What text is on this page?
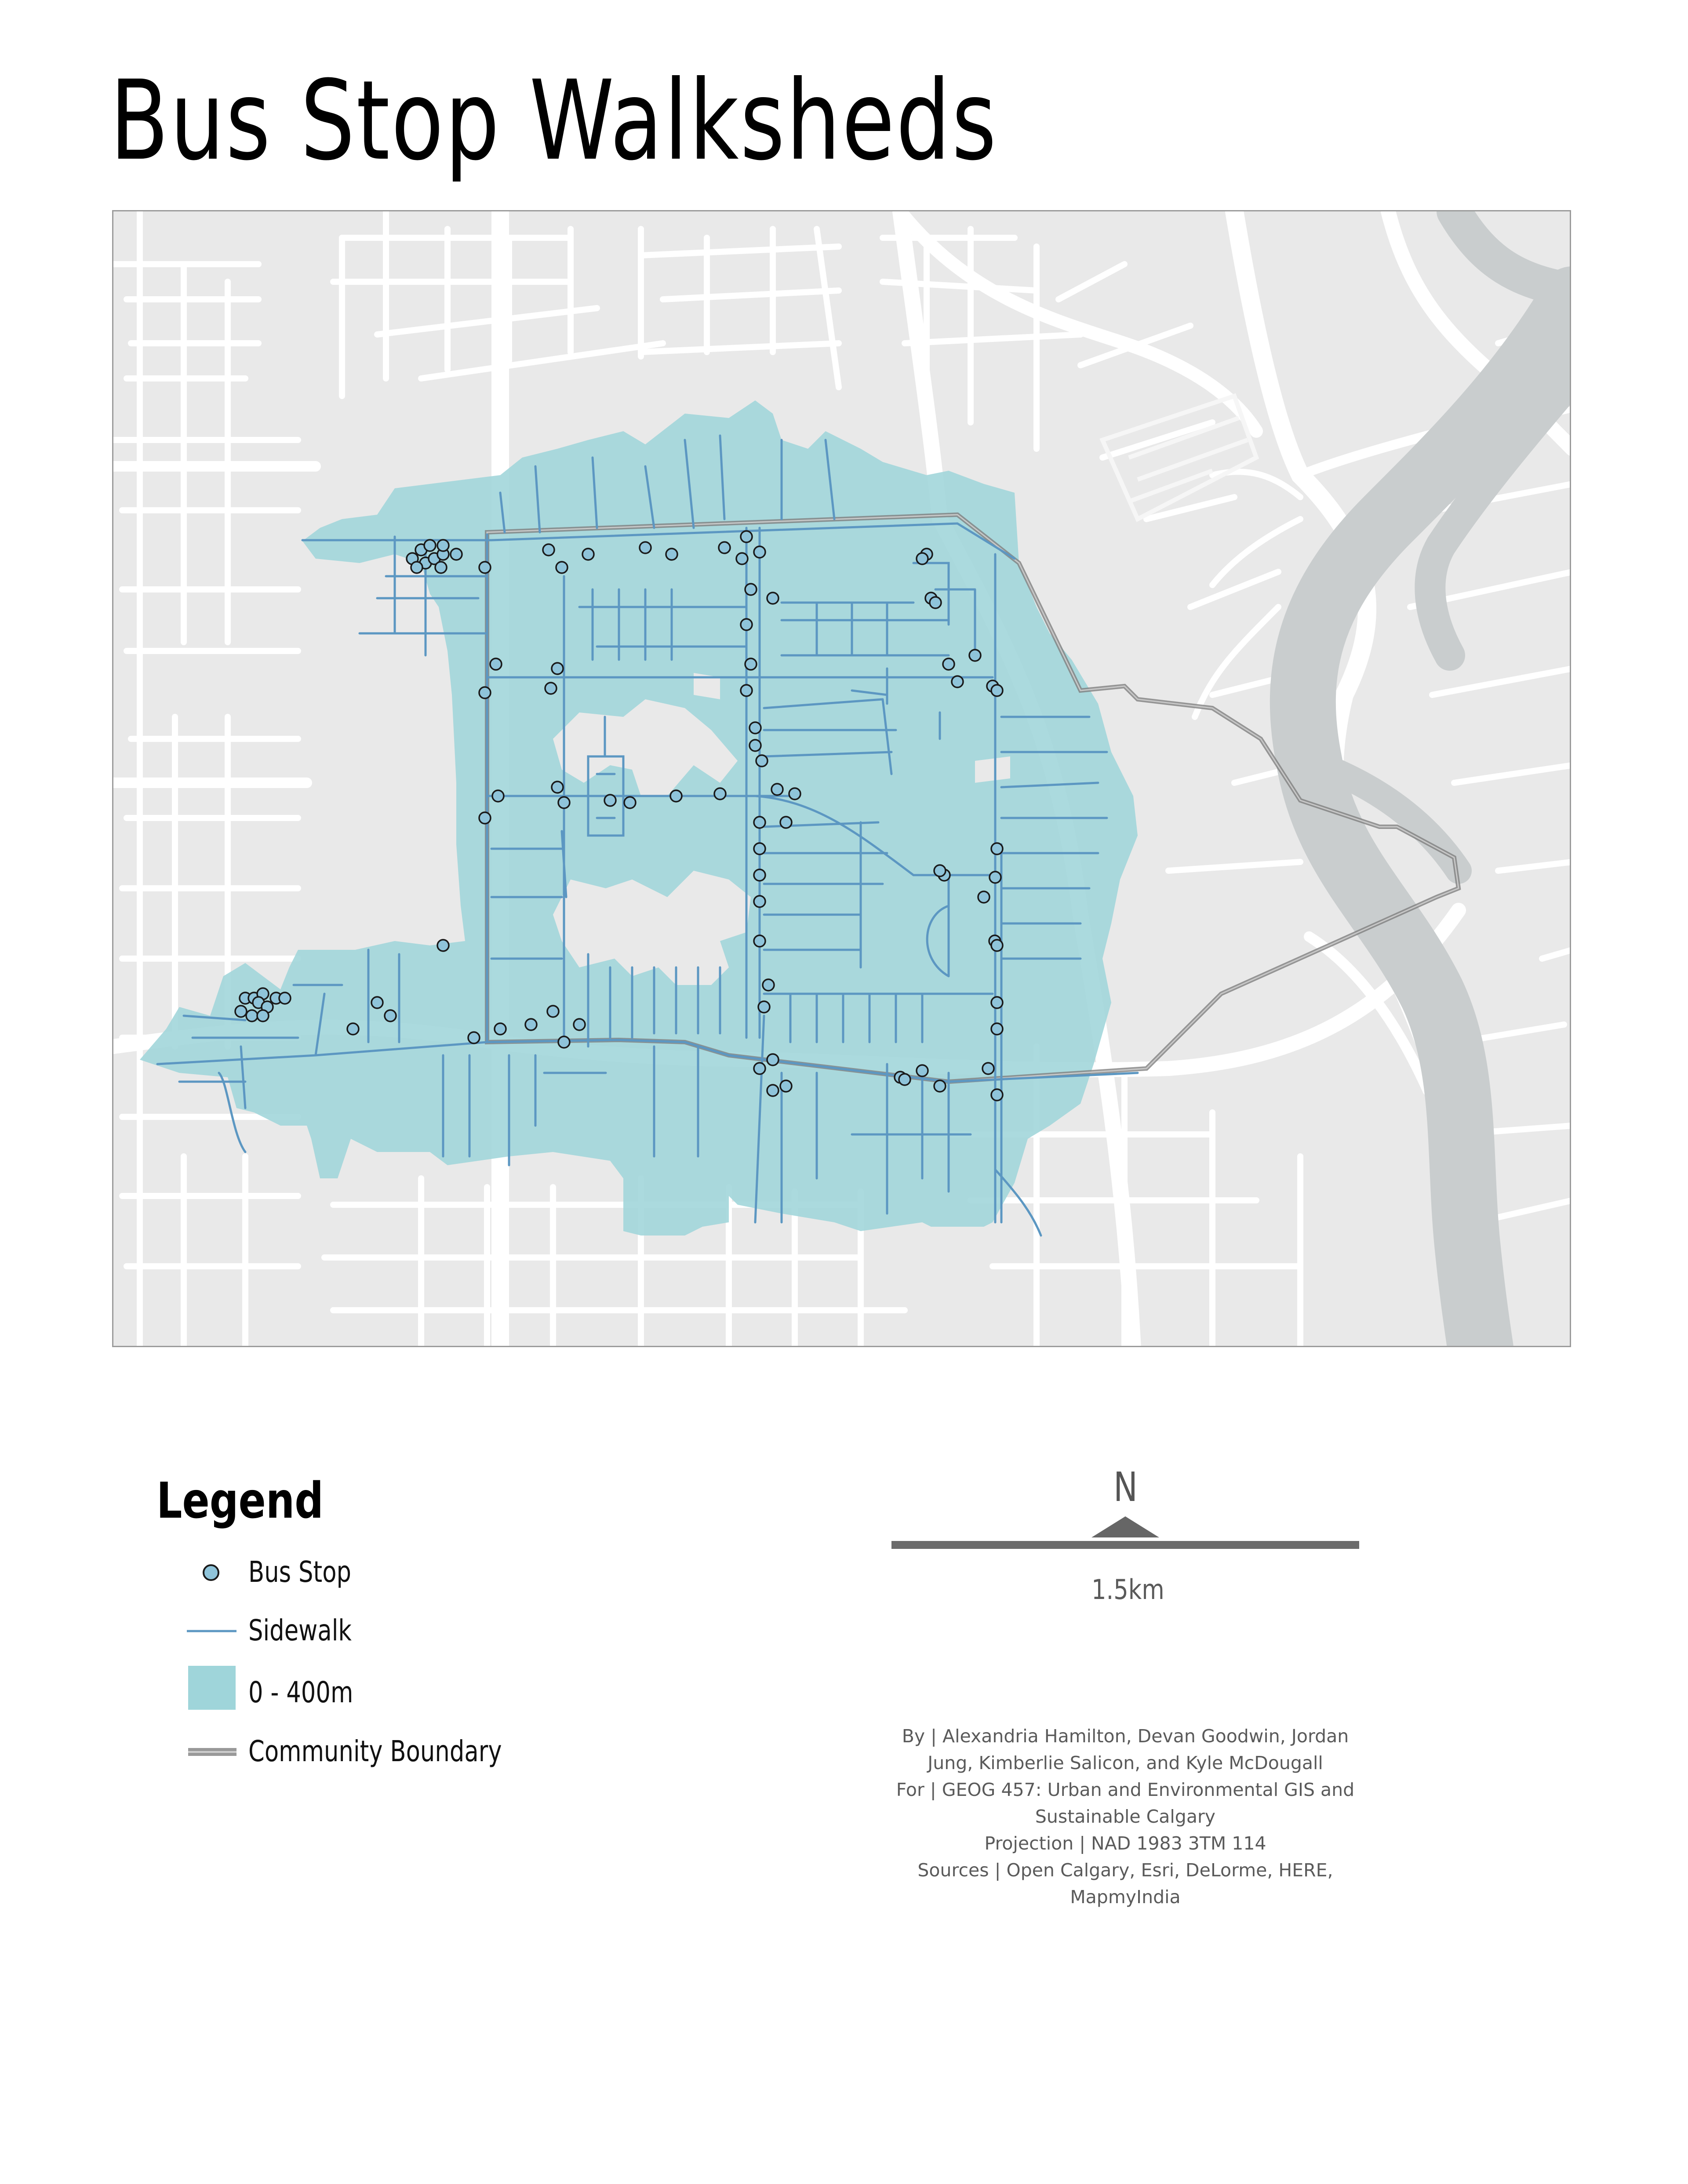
Bus Stop Walksheds
Legend
Bus Stop
Sidewalk
0 - 400m
Community Boundary
N
1.5km
By | Alexandria Hamilton, Devan Goodwin, Jordan
Jung, Kimberlie Salicon, and Kyle McDougall
For | GEOG 457: Urban and Environmental GIS and
Sustainable Calgary
Projection | NAD 1983 3TM 114
Sources | Open Calgary, Esri, DeLorme, HERE,
MapmyIndia
